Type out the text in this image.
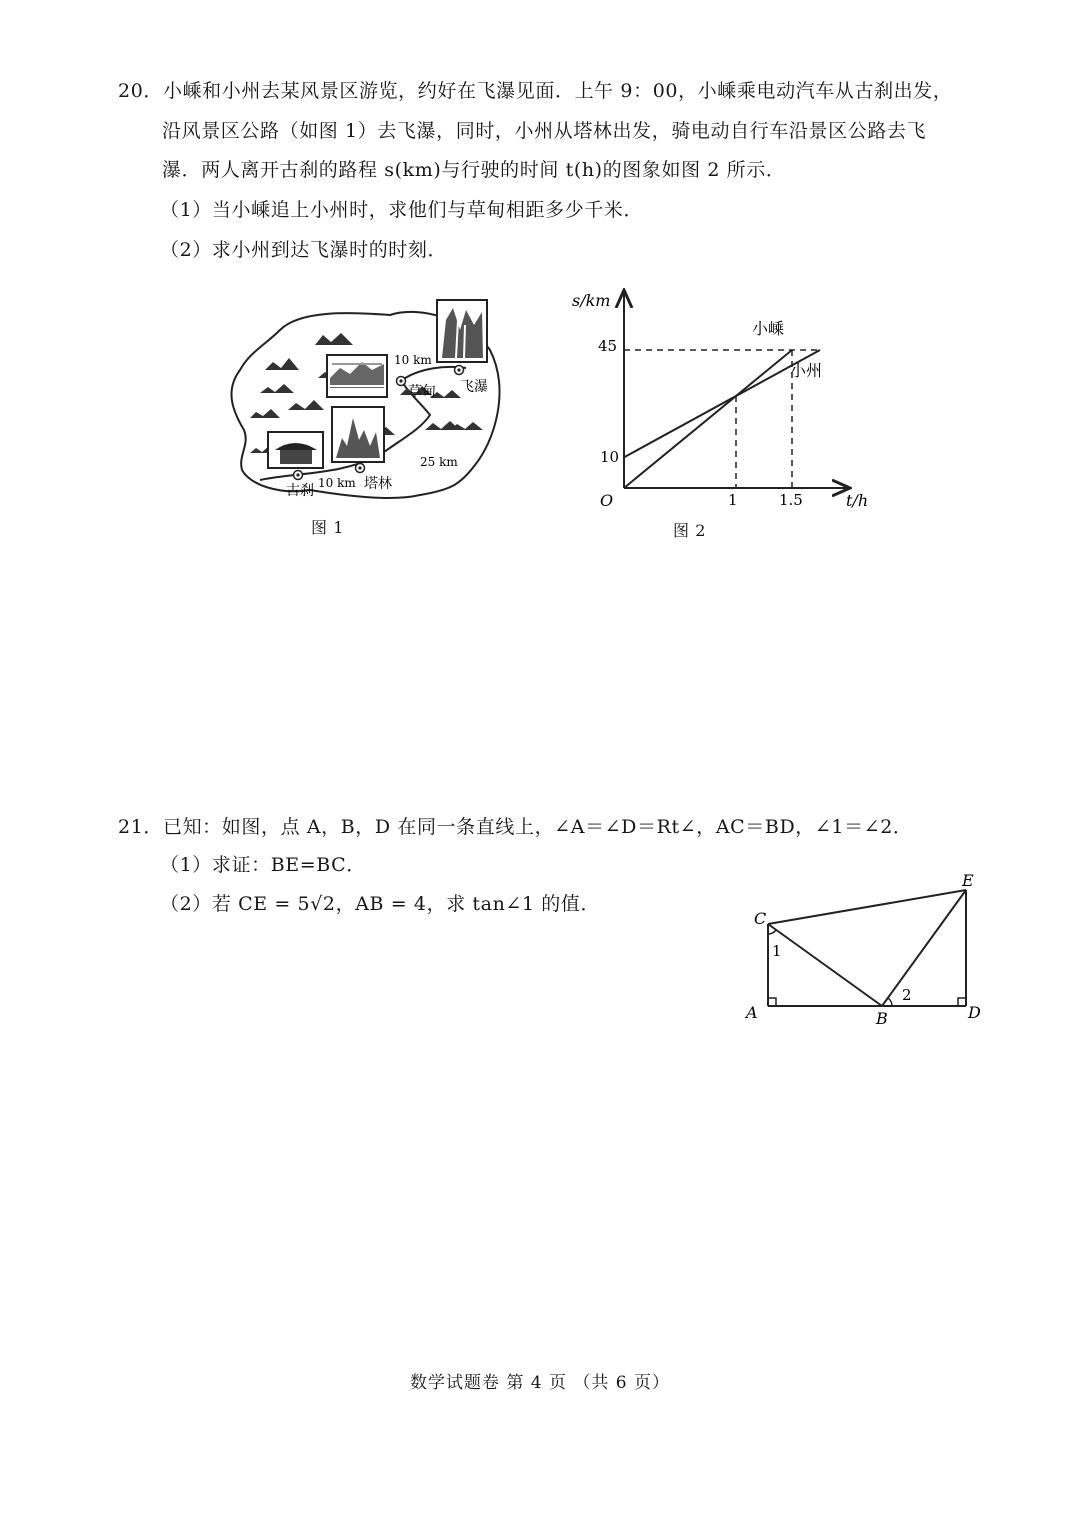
20．小嵊和小州去某风景区游览，约好在飞瀑见面．上午 9：00，小嵊乘电动汽车从古刹出发，
沿风景区公路（如图 1）去飞瀑，同时，小州从塔林出发，骑电动自行车沿景区公路去飞
瀑．两人离开古刹的路程 s(km)与行驶的时间 t(h)的图象如图 2 所示．
（1）当小嵊追上小州时，求他们与草甸相距多少千米．
（2）求小州到达飞瀑时的时刻．
古刹	塔林
草甸 飞瀑
10 km
25 km
10 km
图 1
s/km
t/h
O
10
45
1	1.5
小嵊
小州
图 2
21．已知：如图，点 A，B，D 在同一条直线上，∠A＝∠D＝Rt∠，AC＝BD，∠1＝∠2．
（1）求证：BE=BC．
（2）若 CE = 5√2，AB = 4，求 tan∠1 的值．
A	B
C
D
E
1
2
数学试题卷 第 4 页 （共 6 页）
